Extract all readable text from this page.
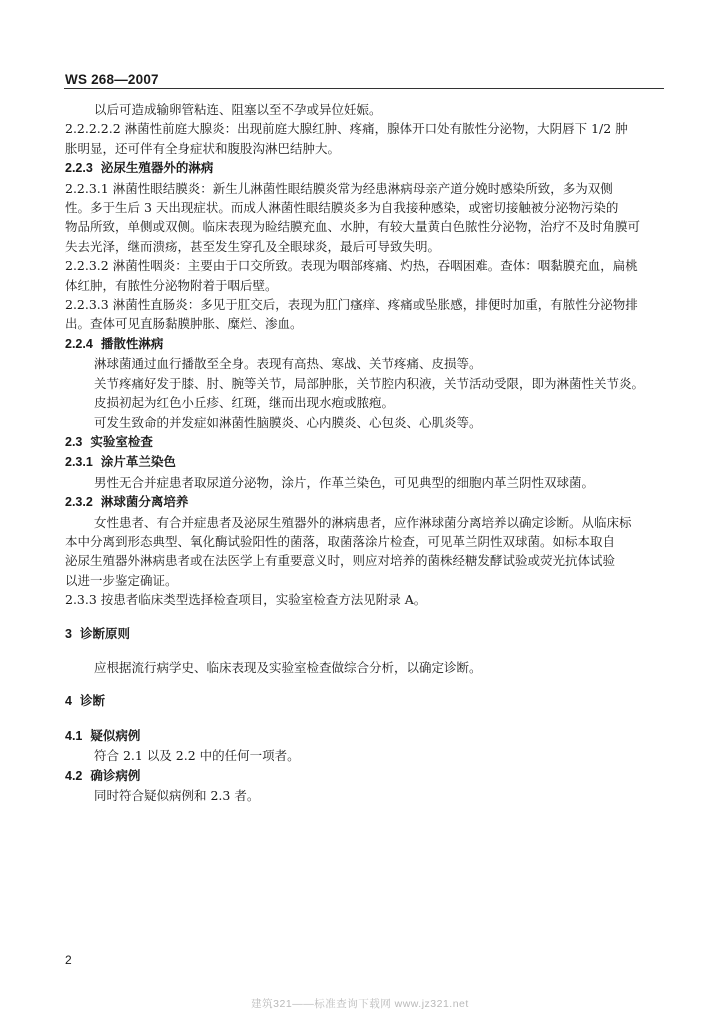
WS 268—2007
以后可造成输卵管粘连、阻塞以至不孕或异位妊娠。
2.2.2.2.2 淋菌性前庭大腺炎：出现前庭大腺红肿、疼痛，腺体开口处有脓性分泌物，大阴唇下 1/2 肿
胀明显，还可伴有全身症状和腹股沟淋巴结肿大。
2.2.3 泌尿生殖器外的淋病
2.2.3.1 淋菌性眼结膜炎：新生儿淋菌性眼结膜炎常为经患淋病母亲产道分娩时感染所致，多为双侧
性。多于生后 3 天出现症状。而成人淋菌性眼结膜炎多为自我接种感染，或密切接触被分泌物污染的
物品所致，单侧或双侧。临床表现为睑结膜充血、水肿，有较大量黄白色脓性分泌物，治疗不及时角膜可
失去光泽，继而溃疡，甚至发生穿孔及全眼球炎，最后可导致失明。
2.2.3.2 淋菌性咽炎：主要由于口交所致。表现为咽部疼痛、灼热，吞咽困难。查体：咽黏膜充血，扁桃
体红肿，有脓性分泌物附着于咽后壁。
2.2.3.3 淋菌性直肠炎：多见于肛交后，表现为肛门瘙痒、疼痛或坠胀感，排便时加重，有脓性分泌物排
出。查体可见直肠黏膜肿胀、糜烂、渗血。
2.2.4 播散性淋病
淋球菌通过血行播散至全身。表现有高热、寒战、关节疼痛、皮损等。
关节疼痛好发于膝、肘、腕等关节，局部肿胀，关节腔内积液，关节活动受限，即为淋菌性关节炎。
皮损初起为红色小丘疹、红斑，继而出现水疱或脓疱。
可发生致命的并发症如淋菌性脑膜炎、心内膜炎、心包炎、心肌炎等。
2.3 实验室检查
2.3.1 涂片革兰染色
男性无合并症患者取尿道分泌物，涂片，作革兰染色，可见典型的细胞内革兰阴性双球菌。
2.3.2 淋球菌分离培养
女性患者、有合并症患者及泌尿生殖器外的淋病患者，应作淋球菌分离培养以确定诊断。从临床标
本中分离到形态典型、氧化酶试验阳性的菌落，取菌落涂片检查，可见革兰阴性双球菌。如标本取自
泌尿生殖器外淋病患者或在法医学上有重要意义时，则应对培养的菌株经糖发酵试验或荧光抗体试验
以进一步鉴定确证。
2.3.3 按患者临床类型选择检查项目，实验室检查方法见附录 A。
3 诊断原则
应根据流行病学史、临床表现及实验室检查做综合分析，以确定诊断。
4 诊断
4.1 疑似病例
符合 2.1 以及 2.2 中的任何一项者。
4.2 确诊病例
同时符合疑似病例和 2.3 者。
2
建筑321——标准查询下载网 www.jz321.net
